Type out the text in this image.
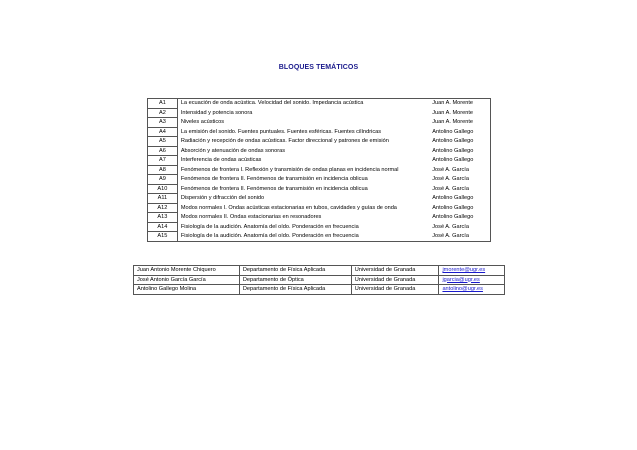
BLOQUES TEMÁTICOS
A1	La ecuación de onda acústica. Velocidad del sonido. Impedancia acústica	Juan A. Morente
A2	Intensidad y potencia sonora	Juan A. Morente
A3	Niveles acústicos	Juan A. Morente
A4	La emisión del sonido. Fuentes puntuales. Fuentes esféricas. Fuentes cilíndricas	Antolino Gallego
A5	Radiación y recepción de ondas acústicas. Factor direccional y patrones de emisión	Antolino Gallego
A6	Absorción y atenuación de ondas sonoras	Antolino Gallego
A7	Interferencia de ondas acústicas	Antolino Gallego
A8	Fenómenos de frontera I. Reflexión y transmisión de ondas planas en incidencia normal	José A. García
A9	Fenómenos de frontera II. Fenómenos de transmisión en incidencia oblicua	José A. García
A10	Fenómenos de frontera II. Fenómenos de transmisión en incidencia oblicua	José A. García
A11	Dispersión y difracción del sonido	Antolino Gallego
A12	Modos normales I. Ondas acústicas estacionarias en tubos, cavidades y guías de onda	Antolino Gallego
A13	Modos normales II. Ondas estacionarias en resonadores	Antolino Gallego
A14	Fisiología de la audición. Anatomía del oído. Ponderación en frecuencia	José A. García
A15	Fisiología de la audición. Anatomía del oído. Ponderación en frecuencia	José A. García
Juan Antonio Morente Chiquero	Departamento de Física Aplicada	Universidad de Granada	jmorente@ugr.es
José Antonio García García	Departamento de Óptica	Universidad de Granada	jgarcia@ugr.es
Antolino Gallego Molina	Departamento de Física Aplicada	Universidad de Granada	antolino@ugr.es
